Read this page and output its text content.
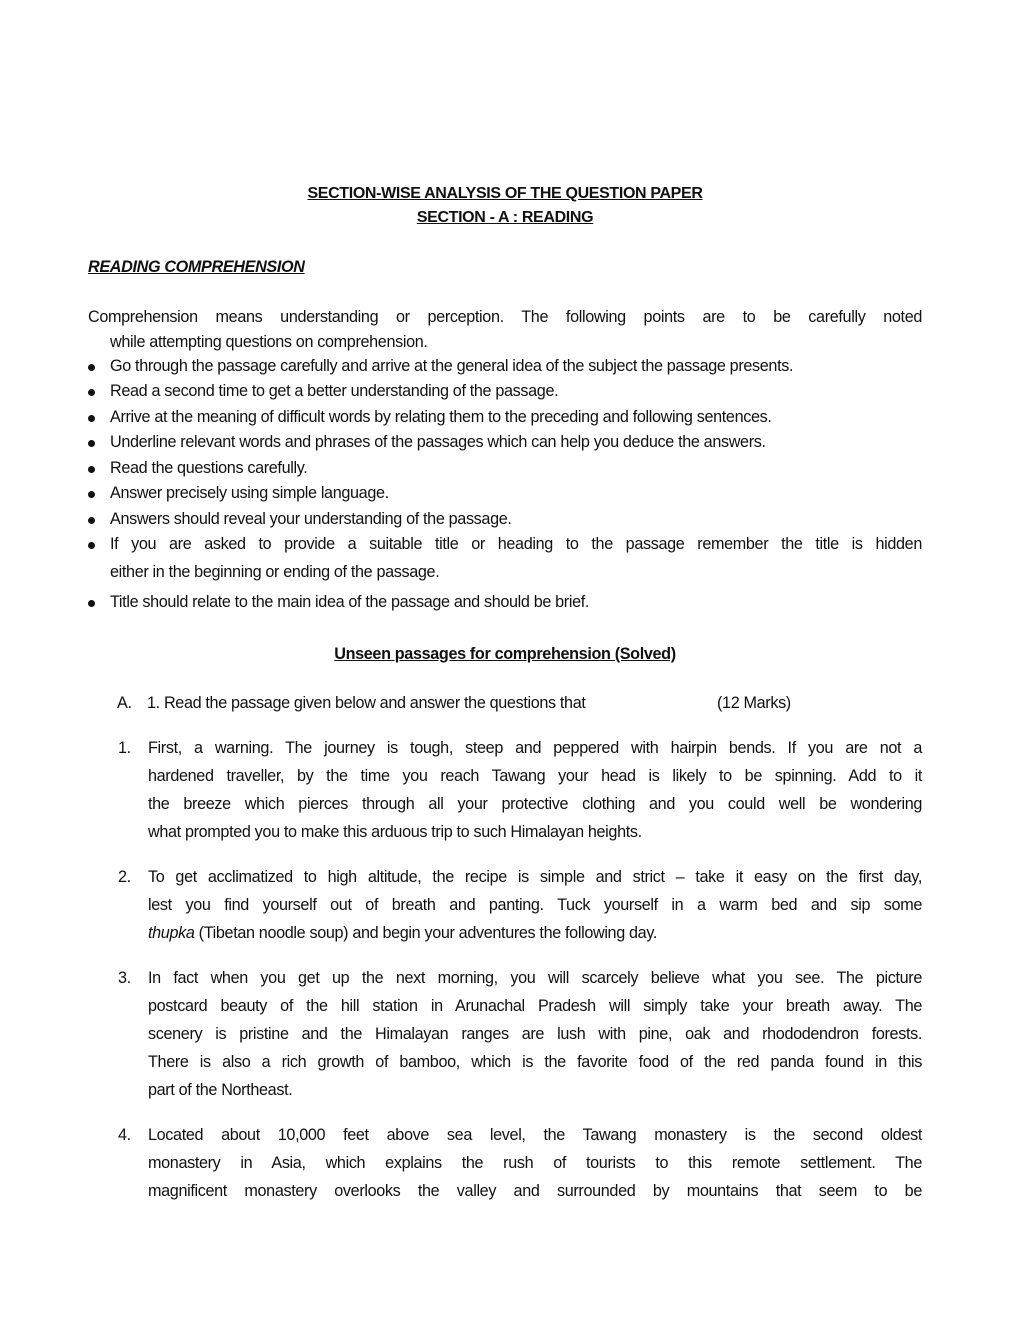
SECTION-WISE ANALYSIS OF THE QUESTION PAPER
SECTION - A : READING
READING COMPREHENSION
Comprehension means understanding or perception. The following points are to be carefully noted
while attempting questions on comprehension.
Go through the passage carefully and arrive at the general idea of the subject the passage presents.
Read a second time to get a better understanding of the passage.
Arrive at the meaning of difficult words by relating them to the preceding and following sentences.
Underline relevant words and phrases of the passages which can help you deduce the answers.
Read the questions carefully.
Answer precisely using simple language.
Answers should reveal your understanding of the passage.
If you are asked to provide a suitable title or heading to the passage remember the title is hidden
either in the beginning or ending of the passage.
Title should relate to the main idea of the passage and should be brief.
Unseen passages for comprehension (Solved)
A. 1. Read the passage given below and answer the questions that	(12 Marks)
1. First, a warning. The journey is tough, steep and peppered with hairpin bends. If you are not a
hardened traveller, by the time you reach Tawang your head is likely to be spinning. Add to it
the breeze which pierces through all your protective clothing and you could well be wondering
what prompted you to make this arduous trip to such Himalayan heights.
2. To get acclimatized to high altitude, the recipe is simple and strict – take it easy on the first day,
lest you find yourself out of breath and panting. Tuck yourself in a warm bed and sip some
thupka (Tibetan noodle soup) and begin your adventures the following day.
3. In fact when you get up the next morning, you will scarcely believe what you see. The picture
postcard beauty of the hill station in Arunachal Pradesh will simply take your breath away. The
scenery is pristine and the Himalayan ranges are lush with pine, oak and rhododendron forests.
There is also a rich growth of bamboo, which is the favorite food of the red panda found in this
part of the Northeast.
4. Located about 10,000 feet above sea level, the Tawang monastery is the second oldest
monastery in Asia, which explains the rush of tourists to this remote settlement. The
magnificent monastery overlooks the valley and surrounded by mountains that seem to be
